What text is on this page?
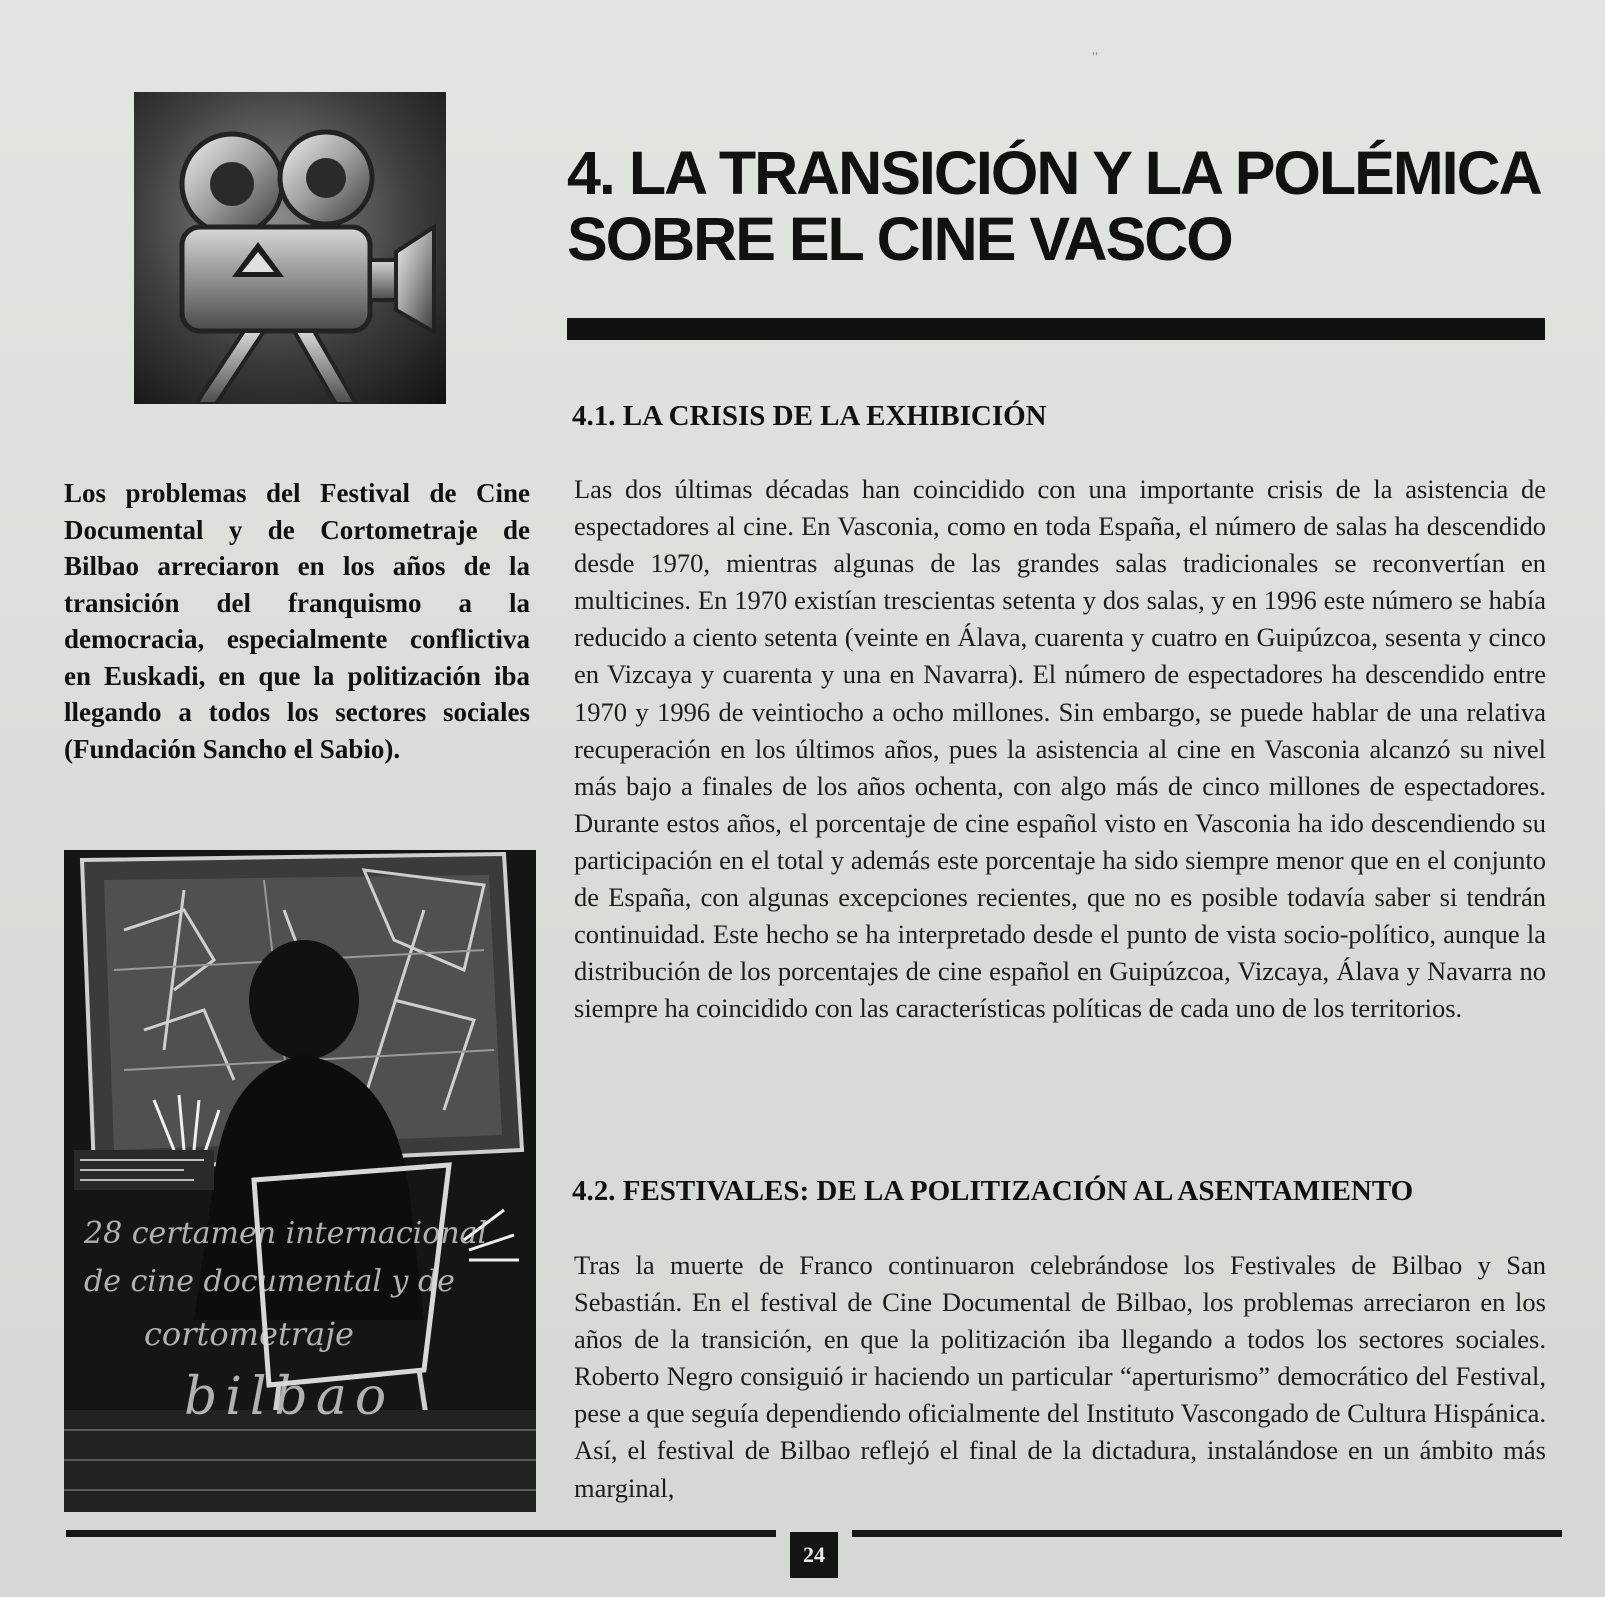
''
4. LA TRANSICIÓN Y LA POLÉMICA
SOBRE EL CINE VASCO
4.1. LA CRISIS DE LA EXHIBICIÓN

Las dos últimas décadas han coincidido con una importante crisis de la asistencia de espectadores al cine. En Vasconia, como en toda España, el número de salas ha descendido desde 1970, mientras algunas de las grandes salas tradicionales se reconvertían en multicines. En 1970 existían trescientas setenta y dos salas, y en 1996 este número se había reducido a ciento setenta (veinte en Álava, cuarenta y cuatro en Guipúzcoa, sesenta y cinco en Vizcaya y cuarenta y una en Navarra). El número de espectadores ha descendido entre 1970 y 1996 de veintiocho a ocho millones. Sin embargo, se puede hablar de una relativa recuperación en los últimos años, pues la asistencia al cine en Vasconia alcanzó su nivel más bajo a finales de los años ochenta, con algo más de cinco millones de espectadores. Durante estos años, el porcentaje de cine español visto en Vasconia ha ido descendiendo su participación en el total y además este porcentaje ha sido siempre menor que en el conjunto de España, con algunas excepciones recientes, que no es posible todavía saber si tendrán continuidad. Este hecho se ha interpretado desde el punto de vista socio-político, aunque la distribución de los porcentajes de cine español en Guipúzcoa, Vizcaya, Álava y Navarra no siempre ha coincidido con las características políticas de cada uno de los territorios.

4.2. FESTIVALES: DE LA POLITIZACIÓN AL ASENTAMIENTO

Tras la muerte de Franco continuaron celebrándose los Festivales de Bilbao y San Sebastián. En el festival de Cine Documental de Bilbao, los problemas arreciaron en los años de la transición, en que la politización iba llegando a todos los sectores sociales. Roberto Negro consiguió ir haciendo un particular “aperturismo” democrático del Festival, pese a que seguía dependiendo oficialmente del Instituto Vascongado de Cultura Hispánica. Así, el festival de Bilbao reflejó el final de la dictadura, instalándose en un ámbito más marginal,

Los problemas del Festival de Cine Documental y de Cortometraje de Bilbao arreciaron en los años de la transición del franquismo a la democracia, especialmente conflictiva en Euskadi, en que la politización iba llegando a todos los sectores sociales (Fundación Sancho el Sabio).

28 certamen internacional
de cine documental y de
cortometraje
bilbao
24
